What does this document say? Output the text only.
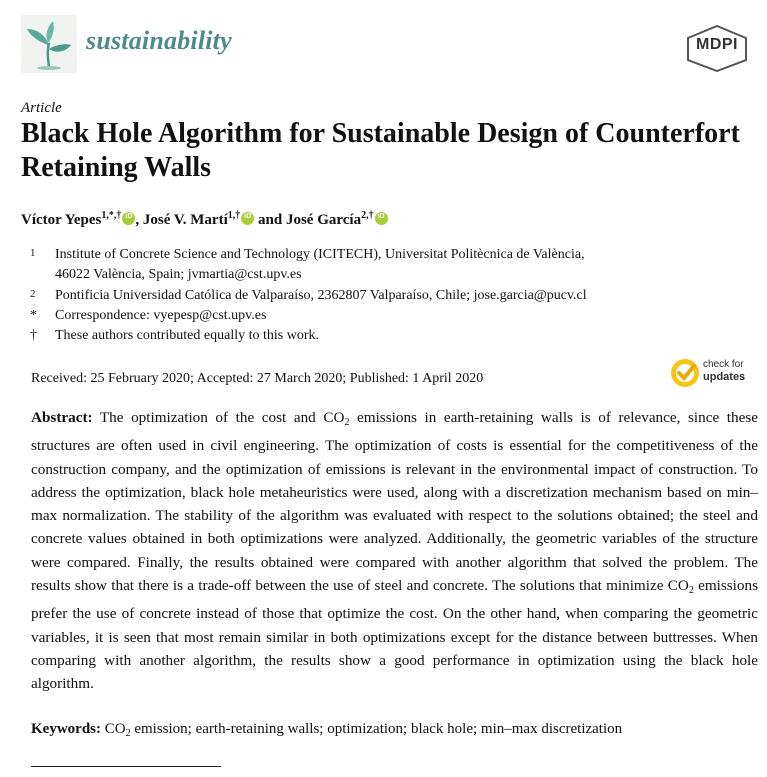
sustainability	MDPI
Article
Black Hole Algorithm for Sustainable Design of Counterfort Retaining Walls
Víctor Yepes$^{1,*,\dagger}$iD , José V. Martí$^{1,\dagger}$iD and José García$^{2,\dagger}$iD
1	Institute of Concrete Science and Technology (ICITECH), Universitat Politècnica de València,
46022 València, Spain; jvmartia@cst.upv.es
2	Pontificia Universidad Católica de Valparaíso, 2362807 Valparaíso, Chile; jose.garcia@pucv.cl
*	Correspondence: vyepesp@cst.upv.es
†	These authors contributed equally to this work.
Received: 25 February 2020; Accepted: 27 March 2020; Published: 1 April 2020
check for
updates

Abstract: The optimization of the cost and $CO_2$ emissions in earth-retaining walls is of relevance, since these structures are often used in civil engineering. The optimization of costs is essential for the competitiveness of the construction company, and the optimization of emissions is relevant in the environmental impact of construction. To address the optimization, black hole metaheuristics were used, along with a discretization mechanism based on min–max normalization. The stability of the algorithm was evaluated with respect to the solutions obtained; the steel and concrete values obtained in both optimizations were analyzed. Additionally, the geometric variables of the structure were compared. Finally, the results obtained were compared with another algorithm that solved the problem. The results show that there is a trade-off between the use of steel and concrete. The solutions that minimize $CO_2$ emissions prefer the use of concrete instead of those that optimize the cost. On the other hand, when comparing the geometric variables, it is seen that most remain similar in both optimizations except for the distance between buttresses. When comparing with another algorithm, the results show a good performance in optimization using the black hole algorithm.

Keywords: $CO_2$ emission; earth-retaining walls; optimization; black hole; min–max discretization
